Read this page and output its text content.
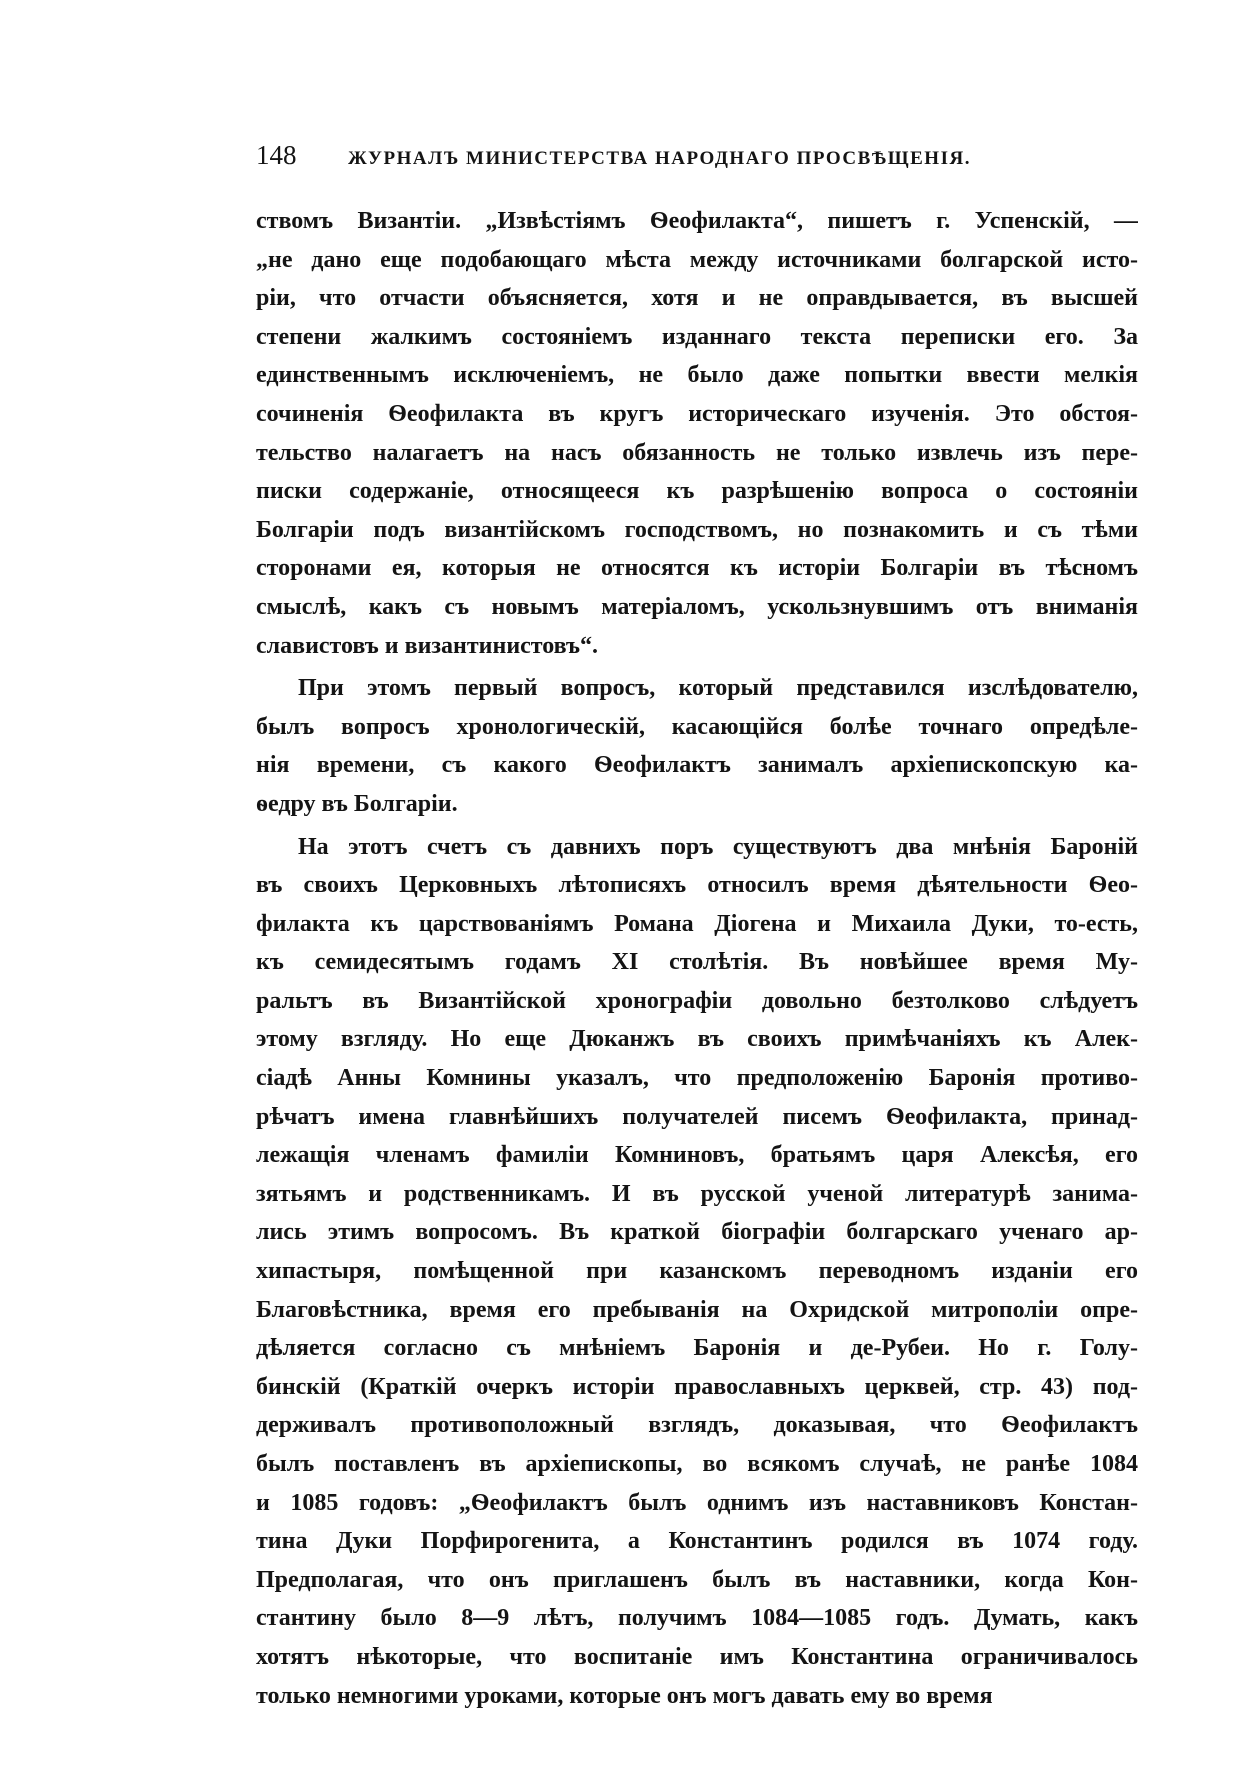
148	ЖУРНАЛЪ МИНИСТЕРСТВА НАРОДНАГО ПРОСВѢЩЕНІЯ.
ствомъ Византіи. „Извѣстіямъ Ѳеофилакта“, пишетъ г. Успенскій, —
„не дано еще подобающаго мѣста между источниками болгарской исто-
ріи, что отчасти объясняется, хотя и не оправдывается, въ высшей
степени жалкимъ состояніемъ изданнаго текста переписки его. За
единственнымъ исключеніемъ, не было даже попытки ввести мелкія
сочиненія Ѳеофилакта въ кругъ историческаго изученія. Это обстоя-
тельство налагаетъ на насъ обязанность не только извлечь изъ пере-
писки содержаніе, относящееся къ разрѣшенію вопроса о состояніи
Болгаріи подъ византійскомъ господствомъ, но познакомить и съ тѣми
сторонами ея, которыя не относятся къ исторіи Болгаріи въ тѣсномъ
смыслѣ, какъ съ новымъ матеріаломъ, ускользнувшимъ отъ вниманія
славистовъ и византинистовъ“.
При этомъ первый вопросъ, который представился изслѣдователю,
былъ вопросъ хронологическій, касающійся болѣе точнаго опредѣле-
нія времени, съ какого Ѳеофилактъ занималъ архіепископскую ка-
ѳедру въ Болгаріи.
На этотъ счетъ съ давнихъ поръ существуютъ два мнѣнія Бароній
въ своихъ Церковныхъ лѣтописяхъ относилъ время дѣятельности Ѳео-
филакта къ царствованіямъ Романа Діогена и Михаила Дуки, то-есть,
къ семидесятымъ годамъ XI столѣтія. Въ новѣйшее время Му-
ральтъ въ Византійской хронографіи довольно безтолково слѣдуетъ
этому взгляду. Но еще Дюканжъ въ своихъ примѣчаніяхъ къ Алек-
сіадѣ Анны Комнины указалъ, что предположенію Баронія противо-
рѣчатъ имена главнѣйшихъ получателей писемъ Ѳеофилакта, принад-
лежащія членамъ фамиліи Комниновъ, братьямъ царя Алексѣя, его
зятьямъ и родственникамъ. И въ русской ученой литературѣ занима-
лись этимъ вопросомъ. Въ краткой біографіи болгарскаго ученаго ар-
хипастыря, помѣщенной при казанскомъ переводномъ изданіи его
Благовѣстника, время его пребыванія на Охридской митрополіи опре-
дѣляется согласно съ мнѣніемъ Баронія и де-Рубеи. Но г. Голу-
бинскій (Краткій очеркъ исторіи православныхъ церквей, стр. 43) под-
держивалъ противоположный взглядъ, доказывая, что Ѳеофилактъ
былъ поставленъ въ архіепископы, во всякомъ случаѣ, не ранѣе 1084
и 1085 годовъ: „Ѳеофилактъ былъ однимъ изъ наставниковъ Констан-
тина Дуки Порфирогенита, а Константинъ родился въ 1074 году.
Предполагая, что онъ приглашенъ былъ въ наставники, когда Кон-
стантину было 8—9 лѣтъ, получимъ 1084—1085 годъ. Думать, какъ
хотятъ нѣкоторые, что воспитаніе имъ Константина ограничивалось
только немногими уроками, которые онъ могъ давать ему во время
